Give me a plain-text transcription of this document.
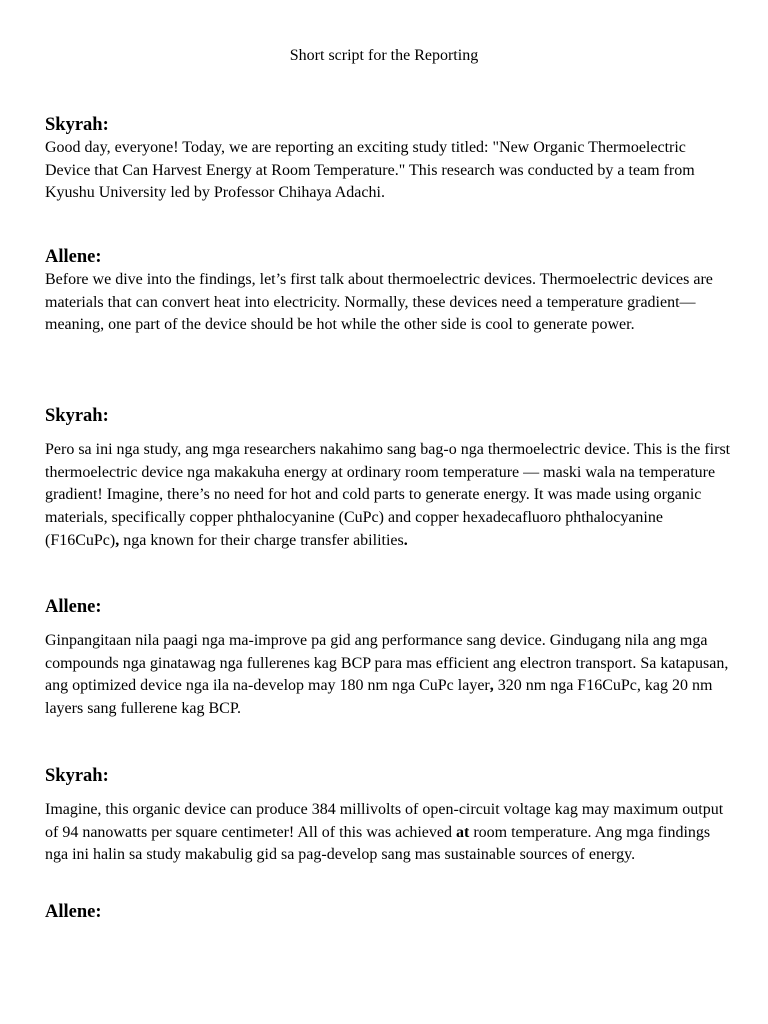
Short script for the Reporting

Skyrah:

Good day, everyone! Today, we are reporting an exciting study titled: "New Organic Thermoelectric Device that Can Harvest Energy at Room Temperature." This research was conducted by a team from Kyushu University led by Professor Chihaya Adachi.

Allene:

Before we dive into the findings, let’s first talk about thermoelectric devices. Thermoelectric devices are materials that can convert heat into electricity. Normally, these devices need a temperature gradient—meaning, one part of the device should be hot while the other side is cool to generate power.

Skyrah:

Pero sa ini nga study, ang mga researchers nakahimo sang bag-o nga thermoelectric device. This is the first thermoelectric device nga makakuha energy at ordinary room temperature — maski wala na temperature gradient! Imagine, there’s no need for hot and cold parts to generate energy. It was made using organic materials, specifically copper phthalocyanine (CuPc) and copper hexadecafluoro phthalocyanine (F16CuPc), nga known for their charge transfer abilities.

Allene:

Ginpangitaan nila paagi nga ma-improve pa gid ang performance sang device. Gindugang nila ang mga compounds nga ginatawag nga fullerenes kag BCP para mas efficient ang electron transport. Sa katapusan, ang optimized device nga ila na-develop may 180 nm nga CuPc layer, 320 nm nga F16CuPc, kag 20 nm layers sang fullerene kag BCP.

Skyrah:

Imagine, this organic device can produce 384 millivolts of open-circuit voltage kag may maximum output of 94 nanowatts per square centimeter! All of this was achieved at room temperature. Ang mga findings nga ini halin sa study makabulig gid sa pag-develop sang mas sustainable sources of energy.

Allene:
